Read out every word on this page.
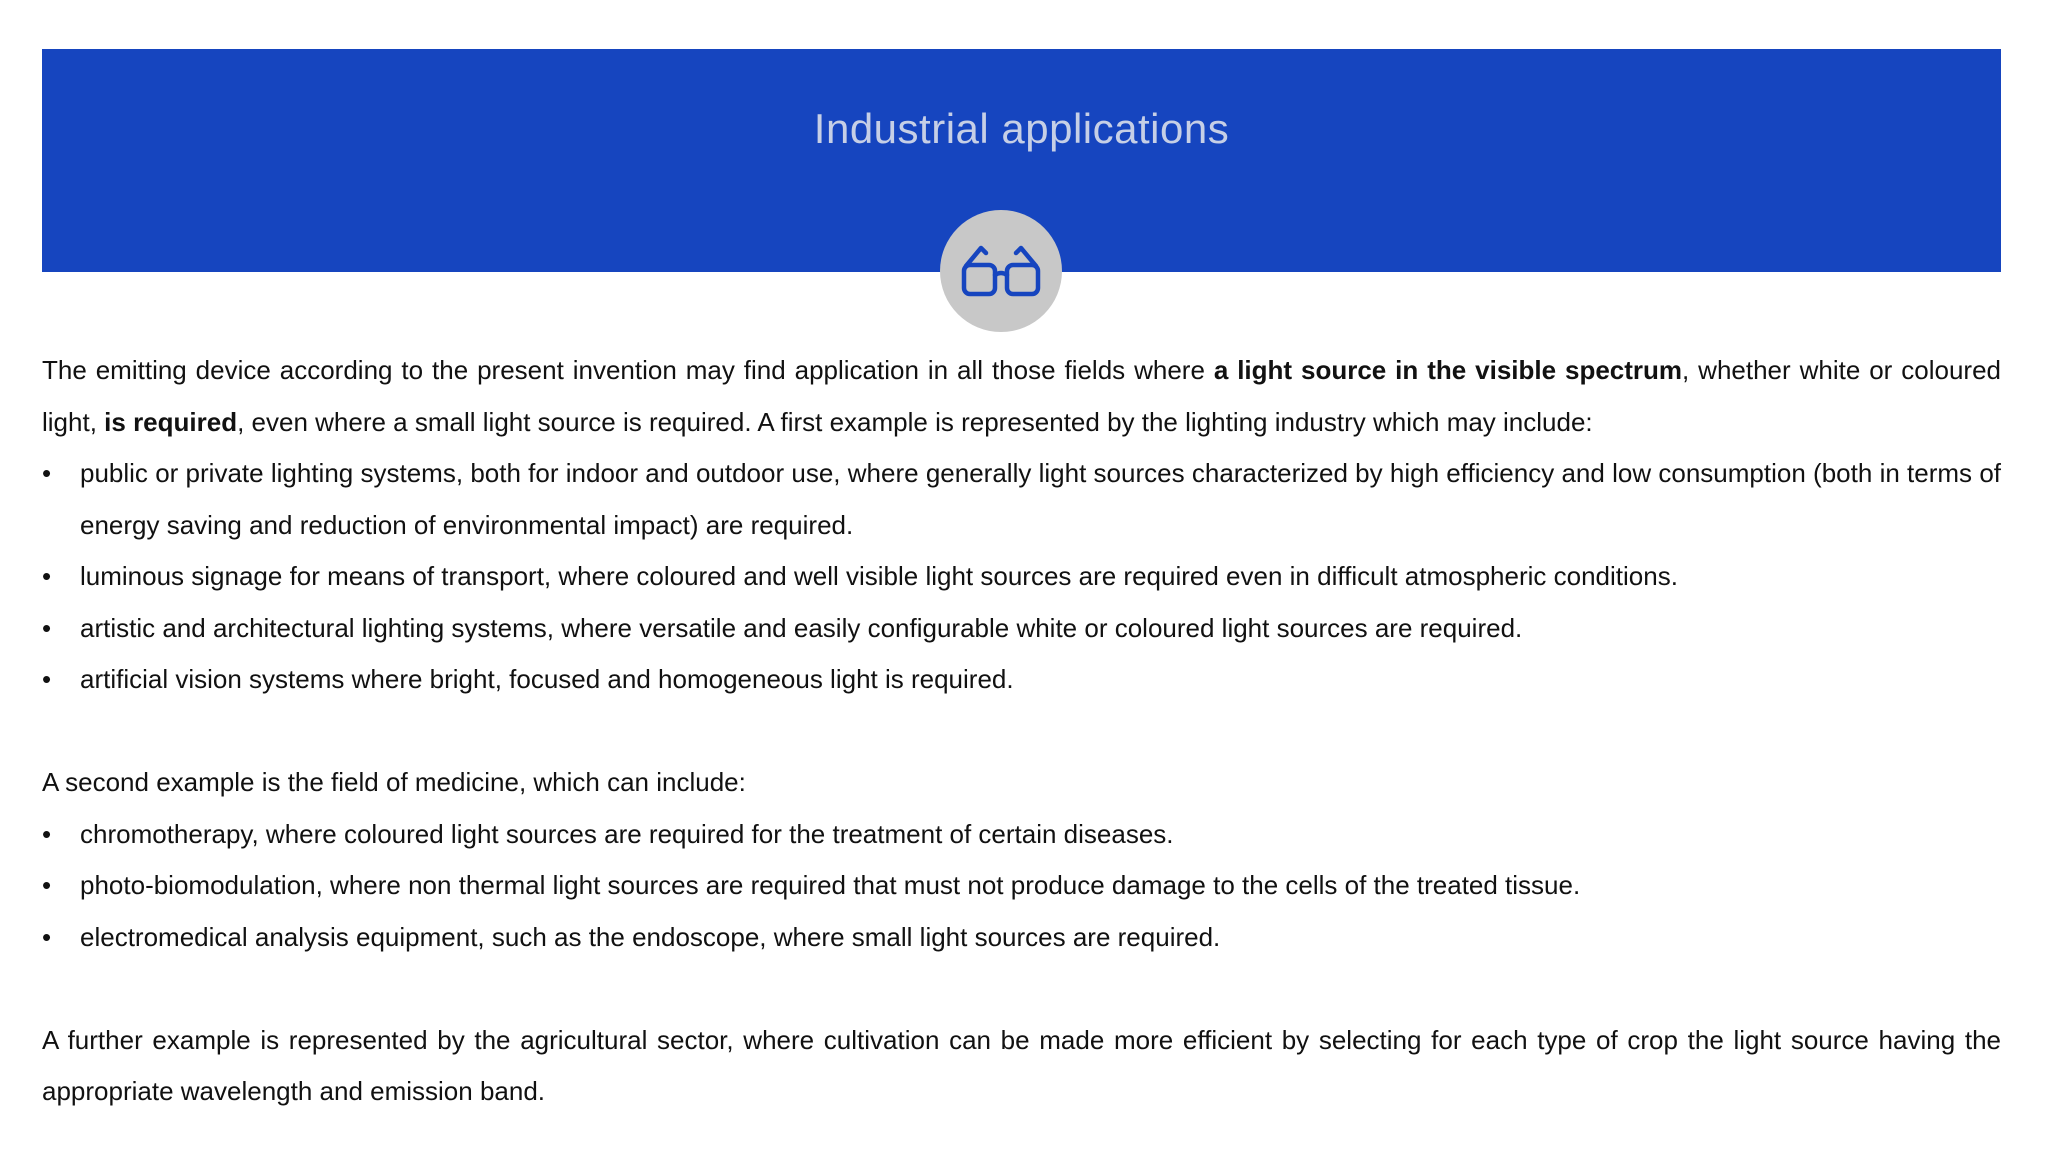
Industrial applications

The emitting device according to the present invention may find application in all those fields where a light source in the visible spectrum, whether white or coloured light, is required, even where a small light source is required. A first example is represented by the lighting industry which may include:

• public or private lighting systems, both for indoor and outdoor use, where generally light sources characterized by high efficiency and low consumption (both in terms of energy saving and reduction of environmental impact) are required.
• luminous signage for means of transport, where coloured and well visible light sources are required even in difficult atmospheric conditions.
• artistic and architectural lighting systems, where versatile and easily configurable white or coloured light sources are required.
• artificial vision systems where bright, focused and homogeneous light is required.

A second example is the field of medicine, which can include:

• chromotherapy, where coloured light sources are required for the treatment of certain diseases.
• photo-biomodulation, where non thermal light sources are required that must not produce damage to the cells of the treated tissue.
• electromedical analysis equipment, such as the endoscope, where small light sources are required.

A further example is represented by the agricultural sector, where cultivation can be made more efficient by selecting for each type of crop the light source having the appropriate wavelength and emission band.
